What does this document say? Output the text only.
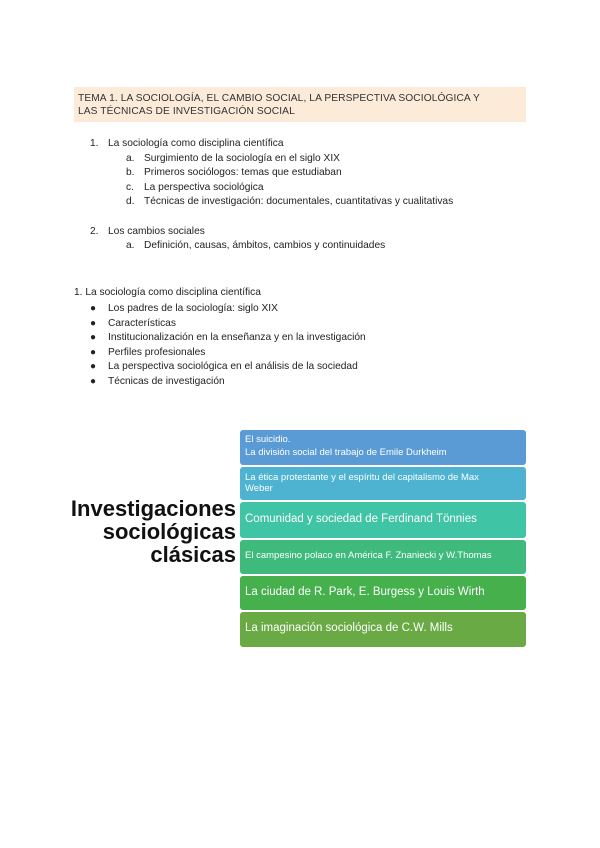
TEMA 1. LA SOCIOLOGÍA, EL CAMBIO SOCIAL, LA PERSPECTIVA SOCIOLÓGICA Y
LAS TÉCNICAS DE INVESTIGACIÓN SOCIAL
1. La sociología como disciplina científica
a. Surgimiento de la sociología en el siglo XIX
b. Primeros sociólogos: temas que estudiaban
c. La perspectiva sociológica
d. Técnicas de investigación: documentales, cuantitativas y cualitativas
2. Los cambios sociales
a. Definición, causas, ámbitos, cambios y continuidades
1. La sociología como disciplina científica
● Los padres de la sociología: siglo XIX
● Características
● Institucionalización en la enseñanza y en la investigación
● Perfiles profesionales
● La perspectiva sociológica en el análisis de la sociedad
● Técnicas de investigación
Investigaciones
sociológicas
clásicas
El suicidio.
La división social del trabajo de Emile Durkheim
La ética protestante y el espíritu del capitalismo de Max
Weber
Comunidad y sociedad de Ferdinand Tönnies
El campesino polaco en América F. Znaniecki y W.Thomas
La ciudad de R. Park, E. Burgess y Louis Wirth
La imaginación sociológica de C.W. Mills
